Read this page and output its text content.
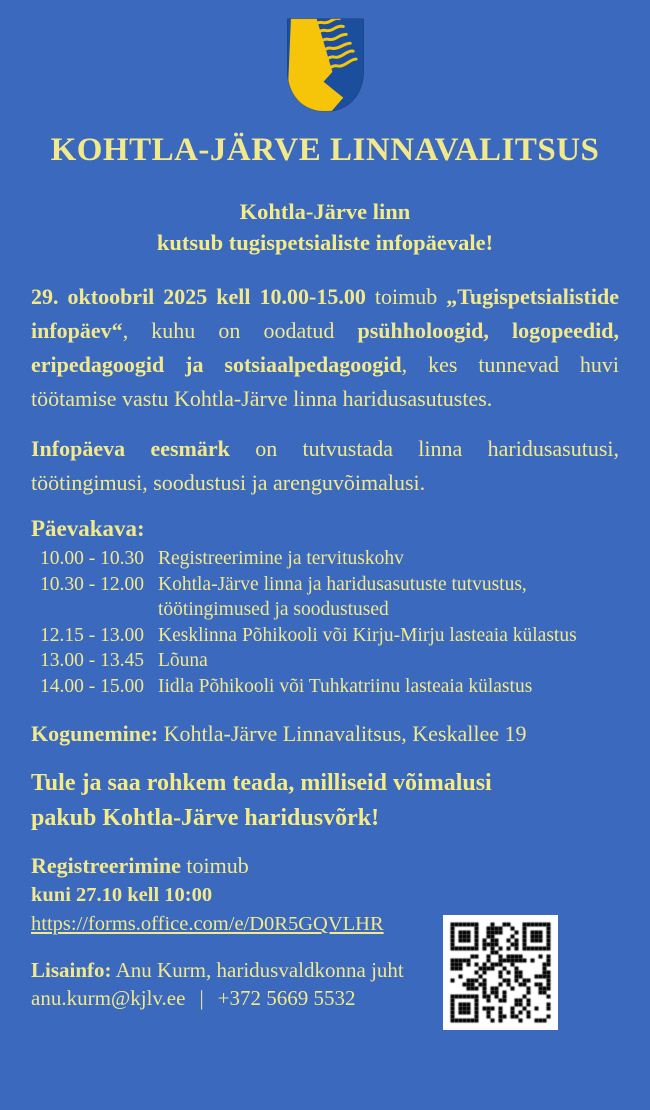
KOHTLA-JÄRVE LINNAVALITSUS
Kohtla-Järve linn
kutsub tugispetsialiste infopäevale!

29. oktoobril 2025 kell 10.00-15.00 toimub „Tugispetsialistide infopäev“, kuhu on oodatud psühholoogid, logopeedid, eripedagoogid ja sotsiaalpedagoogid, kes tunnevad huvi töötamise vastu Kohtla-Järve linna haridusasutustes.

Infopäeva eesmärk on tutvustada linna haridusasutusi, töötingimusi, soodustusi ja arenguvõimalusi.

Päevakava:
10.00 - 10.30 Registreerimine ja tervituskohv
10.30 - 12.00 Kohtla-Järve linna ja haridusasutuste tutvustus, töötingimused ja soodustused
12.15 - 13.00 Kesklinna Põhikooli või Kirju-Mirju lasteaia külastus
13.00 - 13.45 Lõuna
14.00 - 15.00 Iidla Põhikooli või Tuhkatriinu lasteaia külastus
Kogunemine: Kohtla-Järve Linnavalitsus, Keskallee 19
Tule ja saa rohkem teada, milliseid võimalusi
pakub Kohtla-Järve haridusvõrk!
Registreerimine toimub
kuni 27.10 kell 10:00
https://forms.office.com/e/D0R5GQVLHR
Lisainfo: Anu Kurm, haridusvaldkonna juht
anu.kurm@kjlv.ee | +372 5669 5532
